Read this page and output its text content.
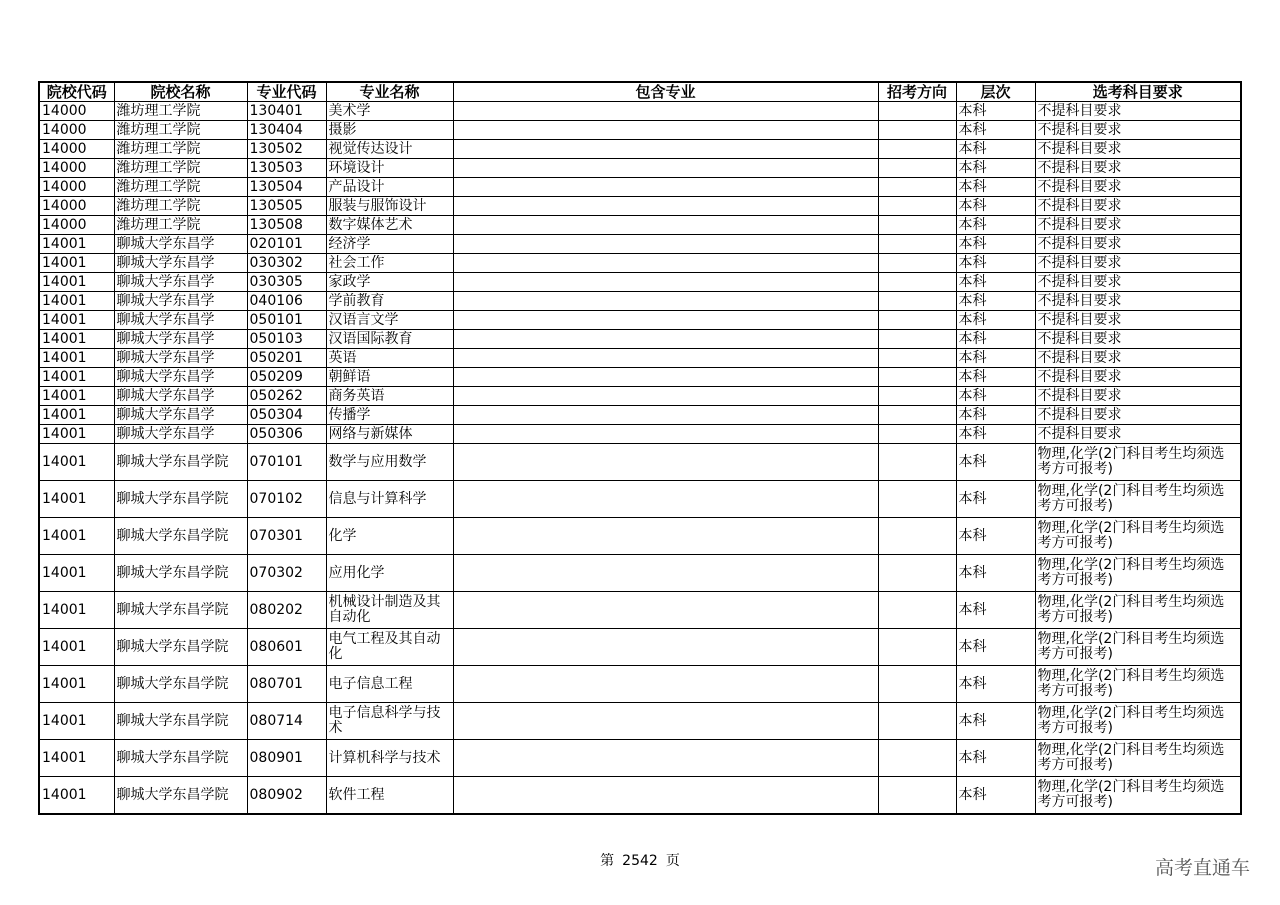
院校代码	院校名称	专业代码	专业名称	包含专业	招考方向	层次	选考科目要求
14000	潍坊理工学院	130401	美术学			本科	不提科目要求
14000	潍坊理工学院	130404	摄影			本科	不提科目要求
14000	潍坊理工学院	130502	视觉传达设计			本科	不提科目要求
14000	潍坊理工学院	130503	环境设计			本科	不提科目要求
14000	潍坊理工学院	130504	产品设计			本科	不提科目要求
14000	潍坊理工学院	130505	服装与服饰设计			本科	不提科目要求
14000	潍坊理工学院	130508	数字媒体艺术			本科	不提科目要求
14001	聊城大学东昌学	020101	经济学			本科	不提科目要求
14001	聊城大学东昌学	030302	社会工作			本科	不提科目要求
14001	聊城大学东昌学	030305	家政学			本科	不提科目要求
14001	聊城大学东昌学	040106	学前教育			本科	不提科目要求
14001	聊城大学东昌学	050101	汉语言文学			本科	不提科目要求
14001	聊城大学东昌学	050103	汉语国际教育			本科	不提科目要求
14001	聊城大学东昌学	050201	英语			本科	不提科目要求
14001	聊城大学东昌学	050209	朝鲜语			本科	不提科目要求
14001	聊城大学东昌学	050262	商务英语			本科	不提科目要求
14001	聊城大学东昌学	050304	传播学			本科	不提科目要求
14001	聊城大学东昌学	050306	网络与新媒体			本科	不提科目要求
14001	聊城大学东昌学院	070101	数学与应用数学			本科	物理,化学(2门科目考生均须选考方可报考)
14001	聊城大学东昌学院	070102	信息与计算科学			本科	物理,化学(2门科目考生均须选考方可报考)
14001	聊城大学东昌学院	070301	化学			本科	物理,化学(2门科目考生均须选考方可报考)
14001	聊城大学东昌学院	070302	应用化学			本科	物理,化学(2门科目考生均须选考方可报考)
14001	聊城大学东昌学院	080202	机械设计制造及其自动化			本科	物理,化学(2门科目考生均须选考方可报考)
14001	聊城大学东昌学院	080601	电气工程及其自动化			本科	物理,化学(2门科目考生均须选考方可报考)
14001	聊城大学东昌学院	080701	电子信息工程			本科	物理,化学(2门科目考生均须选考方可报考)
14001	聊城大学东昌学院	080714	电子信息科学与技术			本科	物理,化学(2门科目考生均须选考方可报考)
14001	聊城大学东昌学院	080901	计算机科学与技术			本科	物理,化学(2门科目考生均须选考方可报考)
14001	聊城大学东昌学院	080902	软件工程			本科	物理,化学(2门科目考生均须选考方可报考)
第 2542 页	高考直通车
